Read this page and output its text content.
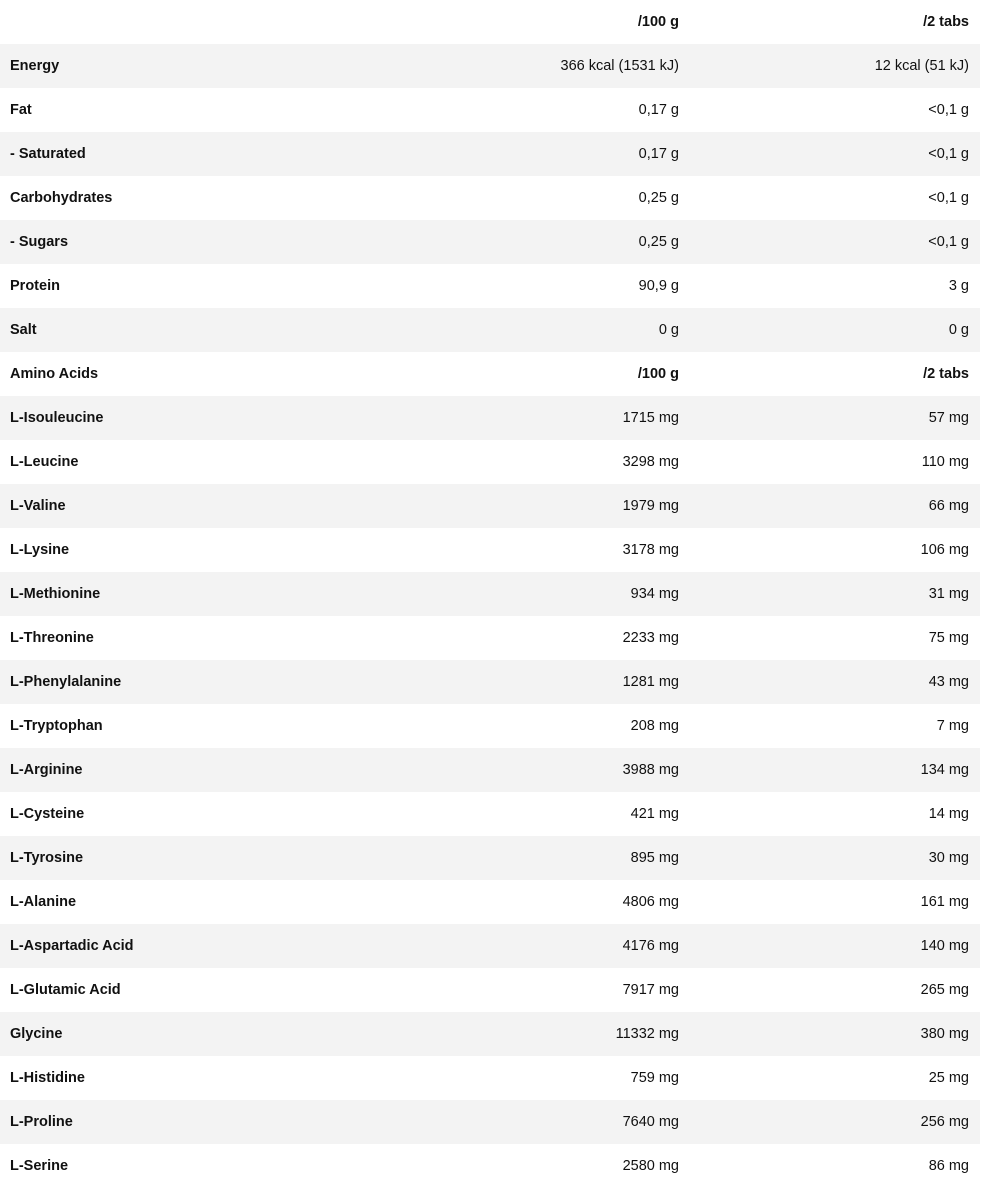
	/100 g	/2 tabs
Energy	366 kcal (1531 kJ)	12 kcal (51 kJ)
Fat	0,17 g	<0,1 g
- Saturated	0,17 g	<0,1 g
Carbohydrates	0,25 g	<0,1 g
- Sugars	0,25 g	<0,1 g
Protein	90,9 g	3 g
Salt	0 g	0 g
Amino Acids	/100 g	/2 tabs
L-Isouleucine	1715 mg	57 mg
L-Leucine	3298 mg	110 mg
L-Valine	1979 mg	66 mg
L-Lysine	3178 mg	106 mg
L-Methionine	934 mg	31 mg
L-Threonine	2233 mg	75 mg
L-Phenylalanine	1281 mg	43 mg
L-Tryptophan	208 mg	7 mg
L-Arginine	3988 mg	134 mg
L-Cysteine	421 mg	14 mg
L-Tyrosine	895 mg	30 mg
L-Alanine	4806 mg	161 mg
L-Aspartadic Acid	4176 mg	140 mg
L-Glutamic Acid	7917 mg	265 mg
Glycine	11332 mg	380 mg
L-Histidine	759 mg	25 mg
L-Proline	7640 mg	256 mg
L-Serine	2580 mg	86 mg
